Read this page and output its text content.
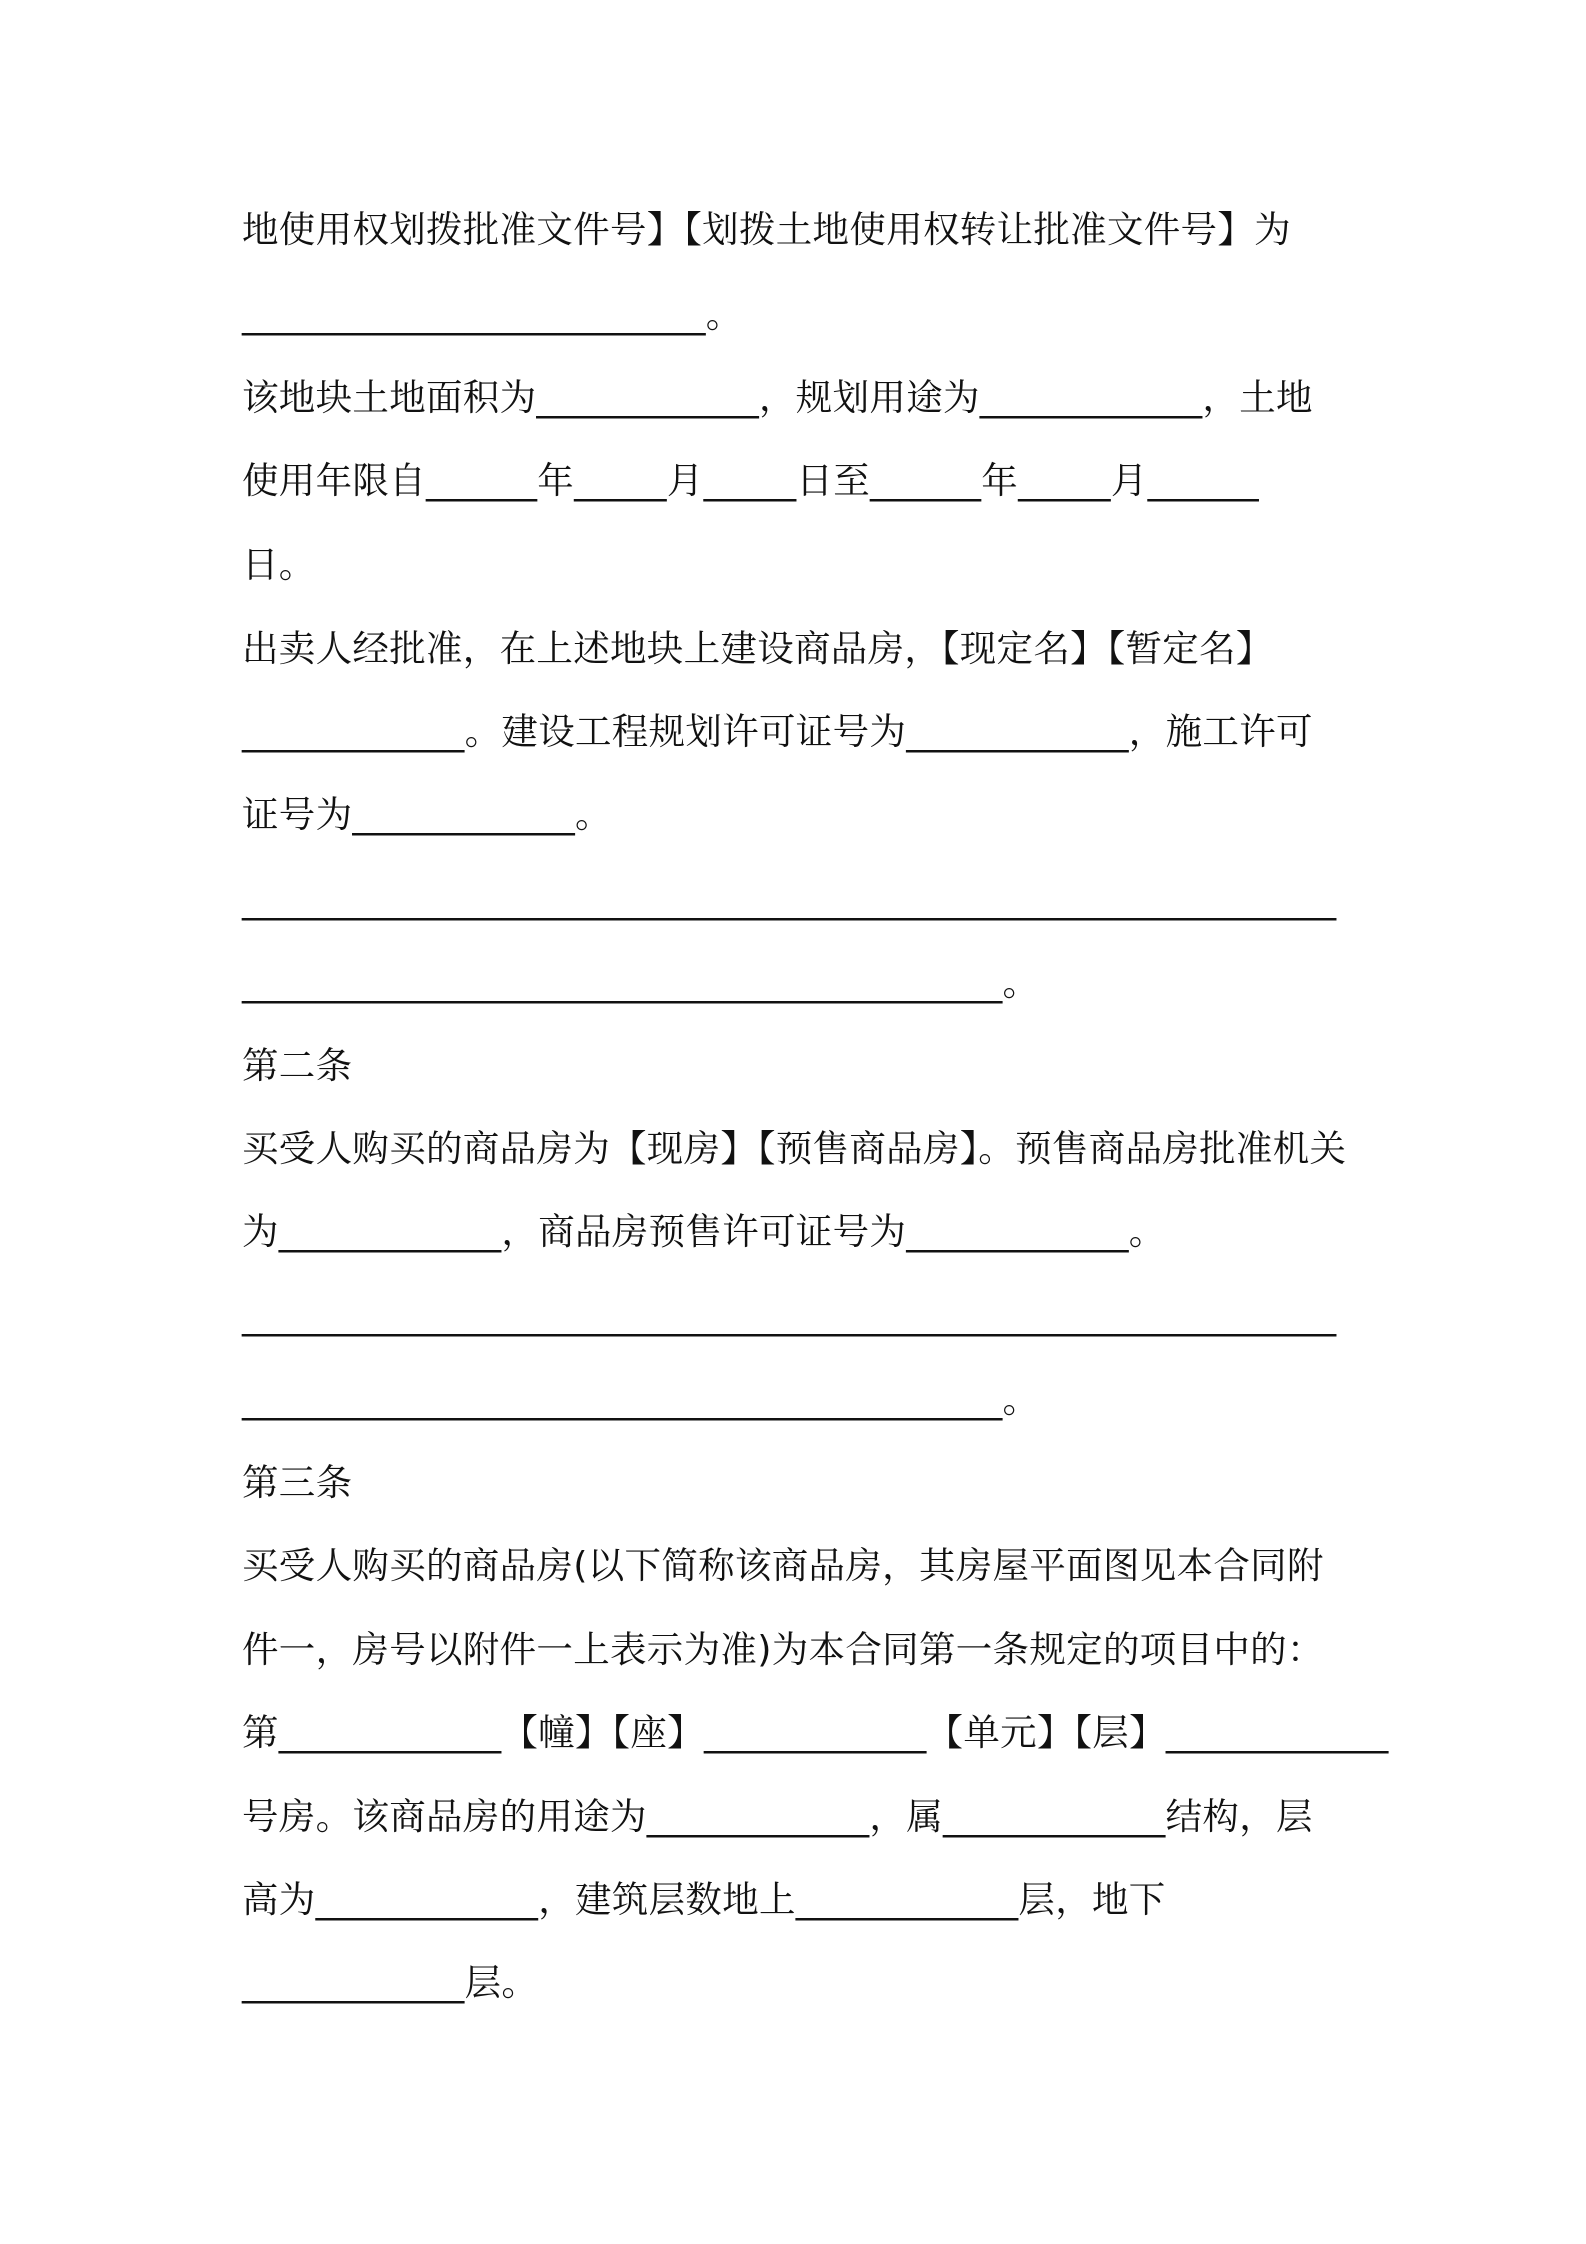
地使用权划拨批准文件号】【划拨土地使用权转让批准文件号】为
_________________________。
该地块土地面积为____________，规划用途为____________，土地
使用年限自______年_____月_____日至______年_____月______
日。
出卖人经批准，在上述地块上建设商品房，【现定名】【暂定名】
____________。建设工程规划许可证号为____________，施工许可
证号为____________。
___________________________________________________________
_________________________________________。
第二条
买受人购买的商品房为【现房】【预售商品房】。预售商品房批准机关
为____________，商品房预售许可证号为____________。
___________________________________________________________
_________________________________________。
第三条
买受人购买的商品房(以下简称该商品房，其房屋平面图见本合同附
件一，房号以附件一上表示为准)为本合同第一条规定的项目中的：
第____________【幢】【座】____________【单元】【层】____________
号房。该商品房的用途为____________，属____________结构，层
高为____________，建筑层数地上____________层，地下
____________层。
